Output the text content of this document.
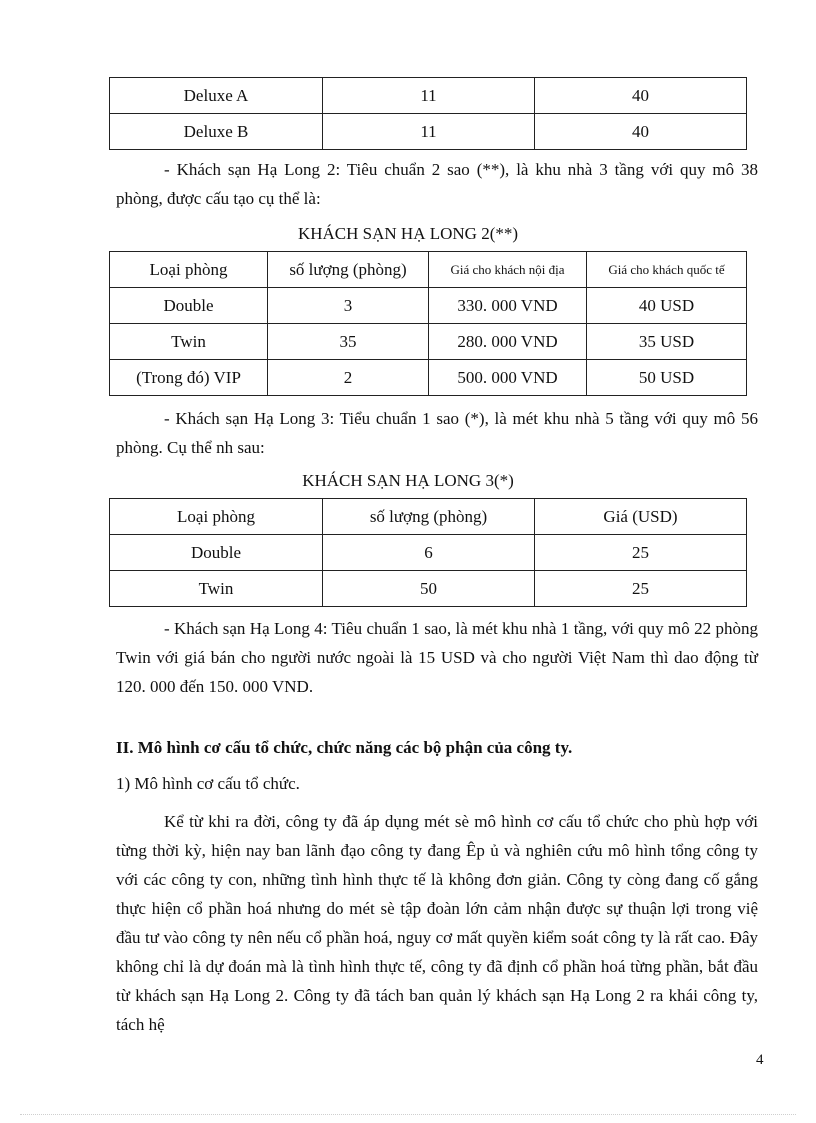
Deluxe A	11	40
Deluxe B	11	40

- Khách sạn Hạ Long 2: Tiêu chuẩn 2 sao (**), là khu nhà 3 tầng với quy mô 38 phòng, được cấu tạo cụ thể là:

KHÁCH SẠN HẠ LONG 2(**)
Loại phòng	số lượng (phòng)	Giá cho khách nội địa	Giá cho khách quốc tế
Double	3	330. 000 VND	40 USD
Twin	35	280. 000 VND	35 USD
(Trong đó) VIP	2	500. 000 VND	50 USD

- Khách sạn Hạ Long 3: Tiểu chuẩn 1 sao (*), là mét khu nhà 5 tầng với quy mô 56 phòng. Cụ thể nh sau:

KHÁCH SẠN HẠ LONG 3(*)
Loại phòng	số lượng (phòng)	Giá (USD)
Double	6	25
Twin	50	25

- Khách sạn Hạ Long 4: Tiêu chuẩn 1 sao, là mét khu nhà 1 tầng, với quy mô 22 phòng Twin với giá bán cho người nước ngoài là 15 USD và cho người Việt Nam thì dao động từ 120. 000 đến 150. 000 VND.

II. Mô hình cơ cấu tổ chức, chức năng các bộ phận của công ty.
1) Mô hình cơ cấu tổ chức.

Kể từ khi ra đời, công ty đã áp dụng mét sè mô hình cơ cấu tổ chức cho phù hợp với từng thời kỳ, hiện nay ban lãnh đạo công ty đang Êp ủ và nghiên cứu mô hình tổng công ty với các công ty con, những tình hình thực tế là không đơn giản. Công ty còng đang cố gắng thực hiện cổ phần hoá nhưng do mét sè tập đoàn lớn cảm nhận được sự thuận lợi trong việ đầu tư vào công ty nên nếu cổ phần hoá, nguy cơ mất quyền kiểm soát công ty là rất cao. Đây không chỉ là dự đoán mà là tình hình thực tế, công ty đã định cổ phần hoá từng phần, bắt đầu từ khách sạn Hạ Long 2. Công ty đã tách ban quản lý khách sạn Hạ Long 2 ra khái công ty, tách hệ

4
